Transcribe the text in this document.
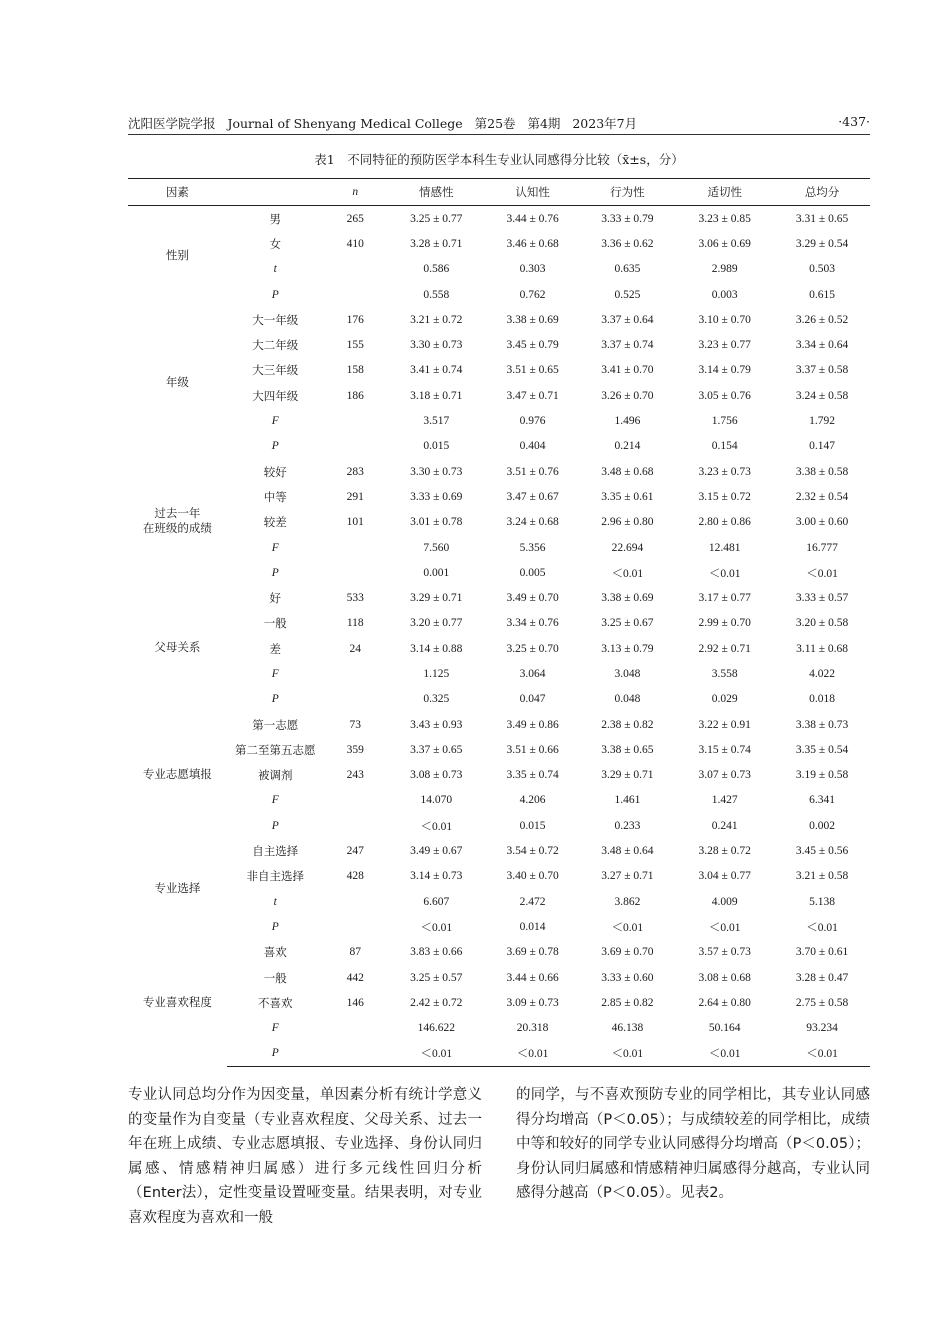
沈阳医学院学报 Journal of Shenyang Medical College 第25卷 第4期 2023年7月	·437·
表1　不同特征的预防医学本科生专业认同感得分比较（x̄±s，分）
因素		n	情感性	认知性	行为性	适切性	总均分
性别	男	265	3.25 ± 0.77	3.44 ± 0.76	3.33 ± 0.79	3.23 ± 0.85	3.31 ± 0.65
	女	410	3.28 ± 0.71	3.46 ± 0.68	3.36 ± 0.62	3.06 ± 0.69	3.29 ± 0.54
	t		0.586	0.303	0.635	2.989	0.503
	P		0.558	0.762	0.525	0.003	0.615
年级	大一年级	176	3.21 ± 0.72	3.38 ± 0.69	3.37 ± 0.64	3.10 ± 0.70	3.26 ± 0.52
	大二年级	155	3.30 ± 0.73	3.45 ± 0.79	3.37 ± 0.74	3.23 ± 0.77	3.34 ± 0.64
	大三年级	158	3.41 ± 0.74	3.51 ± 0.65	3.41 ± 0.70	3.14 ± 0.79	3.37 ± 0.58
	大四年级	186	3.18 ± 0.71	3.47 ± 0.71	3.26 ± 0.70	3.05 ± 0.76	3.24 ± 0.58
	F		3.517	0.976	1.496	1.756	1.792
	P		0.015	0.404	0.214	0.154	0.147
过去一年
在班级的成绩	较好	283	3.30 ± 0.73	3.51 ± 0.76	3.48 ± 0.68	3.23 ± 0.73	3.38 ± 0.58
	中等	291	3.33 ± 0.69	3.47 ± 0.67	3.35 ± 0.61	3.15 ± 0.72	2.32 ± 0.54
	较差	101	3.01 ± 0.78	3.24 ± 0.68	2.96 ± 0.80	2.80 ± 0.86	3.00 ± 0.60
	F		7.560	5.356	22.694	12.481	16.777
	P		0.001	0.005	＜0.01	＜0.01	＜0.01
父母关系	好	533	3.29 ± 0.71	3.49 ± 0.70	3.38 ± 0.69	3.17 ± 0.77	3.33 ± 0.57
	一般	118	3.20 ± 0.77	3.34 ± 0.76	3.25 ± 0.67	2.99 ± 0.70	3.20 ± 0.58
	差	24	3.14 ± 0.88	3.25 ± 0.70	3.13 ± 0.79	2.92 ± 0.71	3.11 ± 0.68
	F		1.125	3.064	3.048	3.558	4.022
	P		0.325	0.047	0.048	0.029	0.018
专业志愿填报	第一志愿	73	3.43 ± 0.93	3.49 ± 0.86	2.38 ± 0.82	3.22 ± 0.91	3.38 ± 0.73
	第二至第五志愿	359	3.37 ± 0.65	3.51 ± 0.66	3.38 ± 0.65	3.15 ± 0.74	3.35 ± 0.54
	被调剂	243	3.08 ± 0.73	3.35 ± 0.74	3.29 ± 0.71	3.07 ± 0.73	3.19 ± 0.58
	F		14.070	4.206	1.461	1.427	6.341
	P		＜0.01	0.015	0.233	0.241	0.002
专业选择	自主选择	247	3.49 ± 0.67	3.54 ± 0.72	3.48 ± 0.64	3.28 ± 0.72	3.45 ± 0.56
	非自主选择	428	3.14 ± 0.73	3.40 ± 0.70	3.27 ± 0.71	3.04 ± 0.77	3.21 ± 0.58
	t		6.607	2.472	3.862	4.009	5.138
	P		＜0.01	0.014	＜0.01	＜0.01	＜0.01
专业喜欢程度	喜欢	87	3.83 ± 0.66	3.69 ± 0.78	3.69 ± 0.70	3.57 ± 0.73	3.70 ± 0.61
	一般	442	3.25 ± 0.57	3.44 ± 0.66	3.33 ± 0.60	3.08 ± 0.68	3.28 ± 0.47
	不喜欢	146	2.42 ± 0.72	3.09 ± 0.73	2.85 ± 0.82	2.64 ± 0.80	2.75 ± 0.58
	F		146.622	20.318	46.138	50.164	93.234
	P		＜0.01	＜0.01	＜0.01	＜0.01	＜0.01
专业认同总均分作为因变量，单因素分析有统计学意义的变量作为自变量（专业喜欢程度、父母关系、过去一年在班上成绩、专业志愿填报、专业选择、身份认同归属感、情感精神归属感）进行多元线性回归分析（Enter法），定性变量设置哑变量。结果表明，对专业喜欢程度为喜欢和一般
的同学，与不喜欢预防专业的同学相比，其专业认同感得分均增高（P＜0.05）；与成绩较差的同学相比，成绩中等和较好的同学专业认同感得分均增高（P＜0.05）；身份认同归属感和情感精神归属感得分越高，专业认同感得分越高（P＜0.05）。见表2。
